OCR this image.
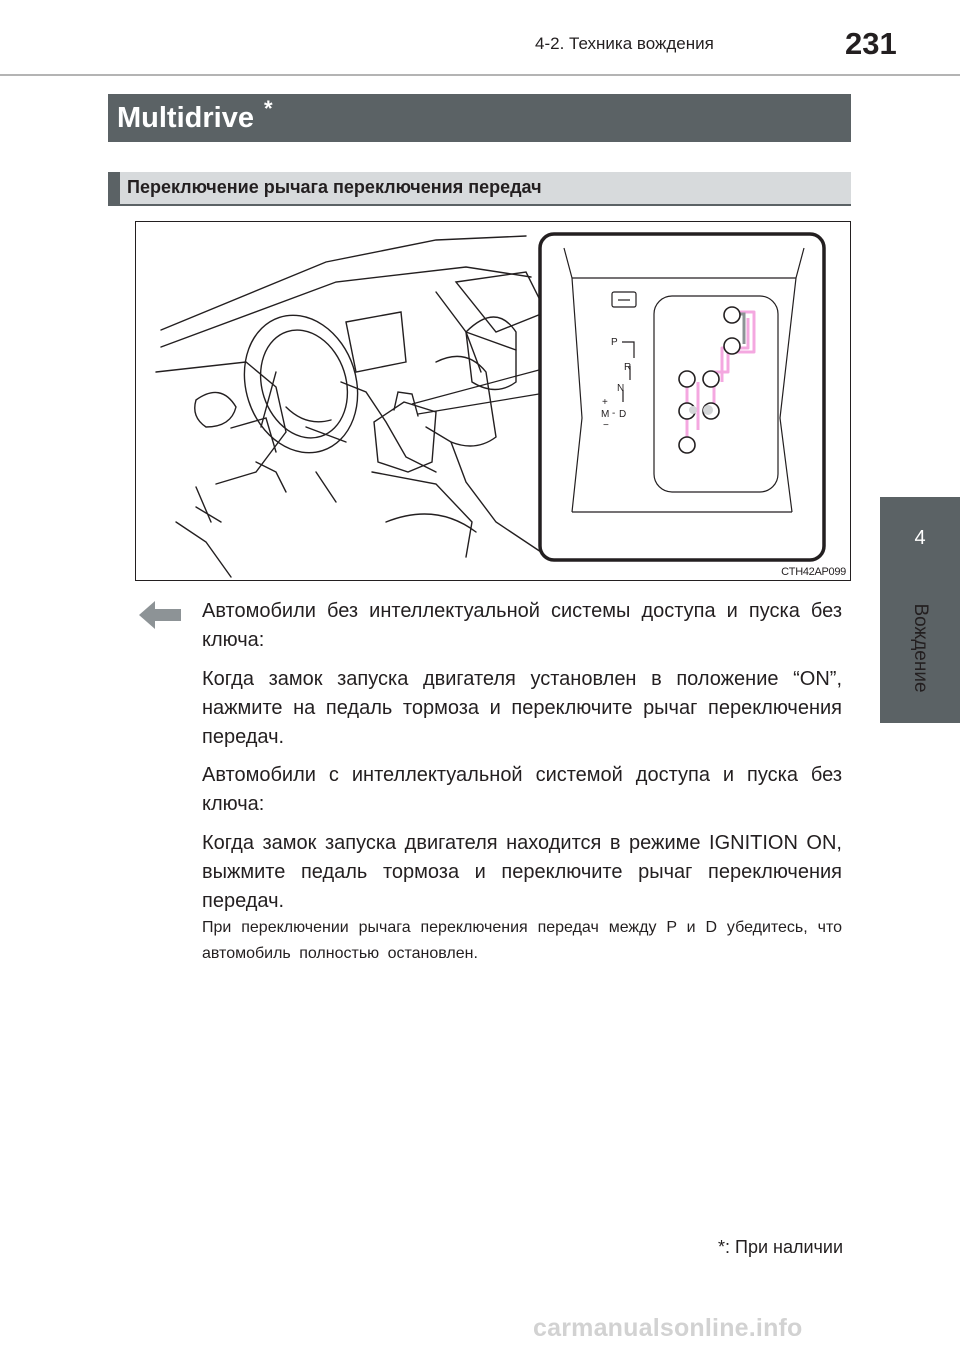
4-2. Техника вождения	231
Multidrive *
Переключение рычага переключения передач
P
R
N
D
M
+
−
-
CTH42AP099
Автомобили без интеллектуальной системы доступа и пуска без ключа:
Когда замок запуска двигателя установлен в положение “ON”, нажмите на педаль тормоза и переключите рычаг переключения передач.
Автомобили с интеллектуальной системой доступа и пуска без ключа:
Когда замок запуска двигателя находится в режиме IGNITION ON, выжмите педаль тормоза и переключите рычаг переключения передач.
При переключении рычага переключения передач между P и D убедитесь, что автомобиль полностью остановлен.
*: При наличии
4
Вождение
carmanualsonline.info
